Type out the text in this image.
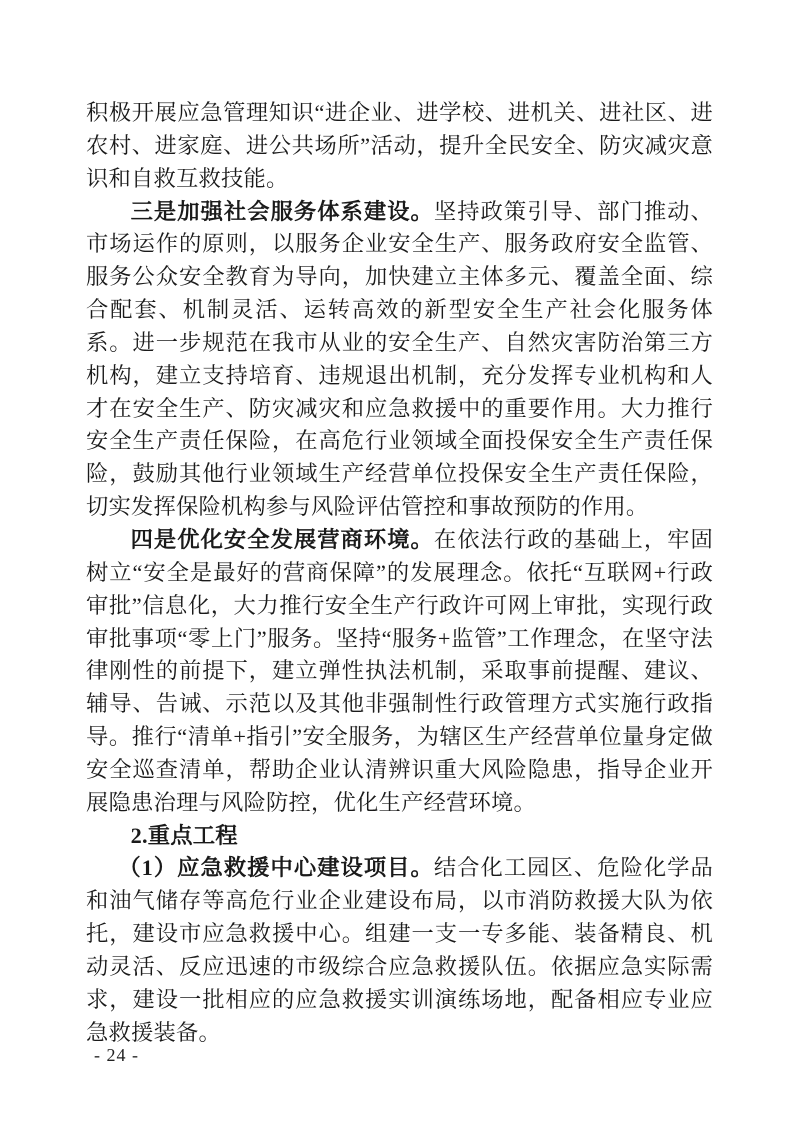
积极开展应急管理知识“进企业、进学校、进机关、进社区、进农村、进家庭、进公共场所”活动，提升全民安全、防灾减灾意识和自救互救技能。

三是加强社会服务体系建设。坚持政策引导、部门推动、市场运作的原则，以服务企业安全生产、服务政府安全监管、服务公众安全教育为导向，加快建立主体多元、覆盖全面、综合配套、机制灵活、运转高效的新型安全生产社会化服务体系。进一步规范在我市从业的安全生产、自然灾害防治第三方机构，建立支持培育、违规退出机制，充分发挥专业机构和人才在安全生产、防灾减灾和应急救援中的重要作用。大力推行安全生产责任保险，在高危行业领域全面投保安全生产责任保险，鼓励其他行业领域生产经营单位投保安全生产责任保险，切实发挥保险机构参与风险评估管控和事故预防的作用。

四是优化安全发展营商环境。在依法行政的基础上，牢固树立“安全是最好的营商保障”的发展理念。依托“互联网+行政审批”信息化，大力推行安全生产行政许可网上审批，实现行政审批事项“零上门”服务。坚持“服务+监管”工作理念，在坚守法律刚性的前提下，建立弹性执法机制，采取事前提醒、建议、辅导、告诫、示范以及其他非强制性行政管理方式实施行政指导。推行“清单+指引”安全服务，为辖区生产经营单位量身定做安全巡查清单，帮助企业认清辨识重大风险隐患，指导企业开展隐患治理与风险防控，优化生产经营环境。

2.重点工程

（1）应急救援中心建设项目。结合化工园区、危险化学品和油气储存等高危行业企业建设布局，以市消防救援大队为依托，建设市应急救援中心。组建一支一专多能、装备精良、机动灵活、反应迅速的市级综合应急救援队伍。依据应急实际需求，建设一批相应的应急救援实训演练场地，配备相应专业应急救援装备。

- 24 -
